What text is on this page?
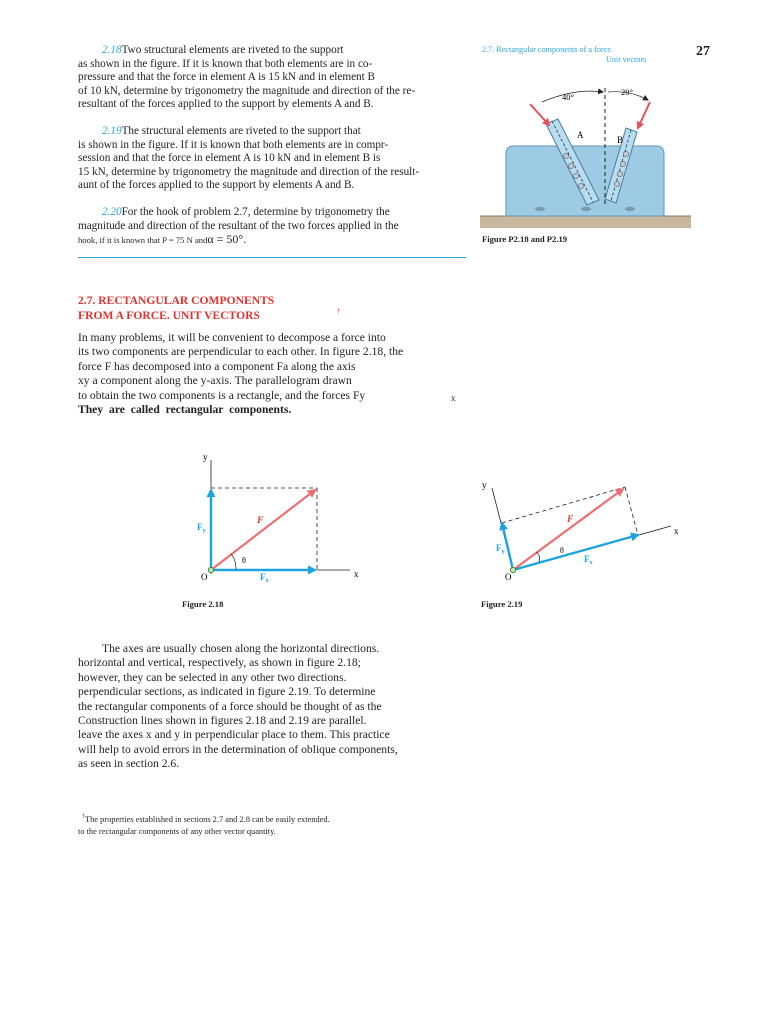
2.7. Rectangular components of a force.
Unit vectors
27
2.18Two structural elements are riveted to the support
as shown in the figure. If it is known that both elements are in co-
pressure and that the force in element A is 15 kN and in element B
of 10 kN, determine by trigonometry the magnitude and direction of the re-
resultant of the forces applied to the support by elements A and B.
2.19The structural elements are riveted to the support that
is shown in the figure. If it is known that both elements are in compr-
session and that the force in element A is 10 kN and in element B is
15 kN, determine by trigonometry the magnitude and direction of the result-
aunt of the forces applied to the support by elements A and B.
2.20For the hook of problem 2.7, determine by trigonometry the
magnitude and direction of the resultant of the two forces applied in the
hook, if it is known that P = 75 N andα = 50°.
40°	20°
A	B
Figure P2.18 and P2.19
2.7. RECTANGULAR COMPONENTS
FROM A FORCE. UNIT VECTORS	†
In many problems, it will be convenient to decompose a force into
its two components are perpendicular to each other. In figure 2.18, the
force F has decomposed into a component Fa along the axis
xy a component along the y-axis. The parallelogram drawn
to obtain the two components is a rectangle, and the forces Fy
They are called rectangular components.
x
y
x
O
F
$F_x$
$F_y$
θ
Figure 2.18
y
x
O
F
$F_x$
$F_y$	θ
Figure 2.19
The axes are usually chosen along the horizontal directions.
horizontal and vertical, respectively, as shown in figure 2.18;
however, they can be selected in any other two directions.
perpendicular sections, as indicated in figure 2.19. To determine
the rectangular components of a force should be thought of as the
Construction lines shown in figures 2.18 and 2.19 are parallel.
leave the axes x and y in perpendicular place to them. This practice
will help to avoid errors in the determination of oblique components,
as seen in section 2.6.
†The properties established in sections 2.7 and 2.8 can be easily extended.
to the rectangular components of any other vector quantity.
